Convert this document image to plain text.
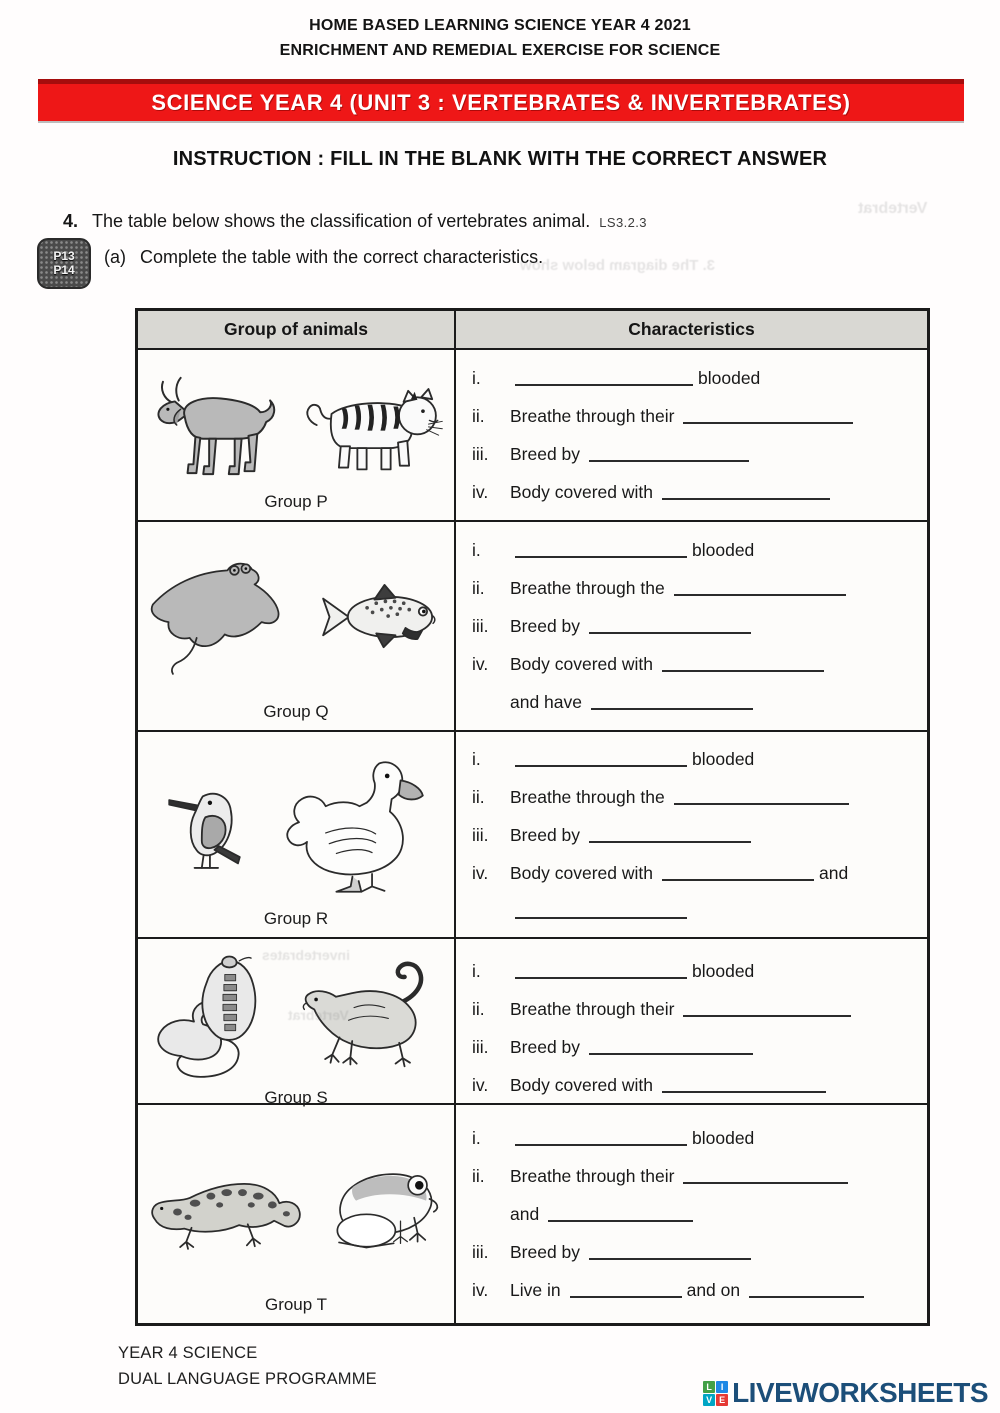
HOME BASED LEARNING SCIENCE YEAR 4 2021
ENRICHMENT AND REMEDIAL EXERCISE FOR SCIENCE
SCIENCE YEAR 4 (UNIT 3 : VERTEBRATES & INVERTEBRATES)
INSTRUCTION : FILL IN THE BLANK WITH THE CORRECT ANSWER
P13
P14
4. The table below shows the classification of vertebrates animal. LS3.2.3
(a) Complete the table with the correct characteristics.
Group of animals	Characteristics
Group P
i.	blooded
ii. Breathe through their
iii. Breed by
iv. Body covered with
Group Q
i.	blooded
ii. Breathe through the
iii. Breed by
iv. Body covered with
and have
Group R
i.	blooded
ii. Breathe through the
iii. Breed by
iv. Body covered with	and
Group S
i.	blooded
ii. Breathe through their
iii. Breed by
iv. Body covered with
Group T
i.	blooded
ii. Breathe through their
and
iii. Breed by
iv. Live in	and on
YEAR 4 SCIENCE
DUAL LANGUAGE PROGRAMME	L I
V E LIVEWORKSHEETS
Vertebrat
3. The diagram below show
invertebrates
Vertebrat
